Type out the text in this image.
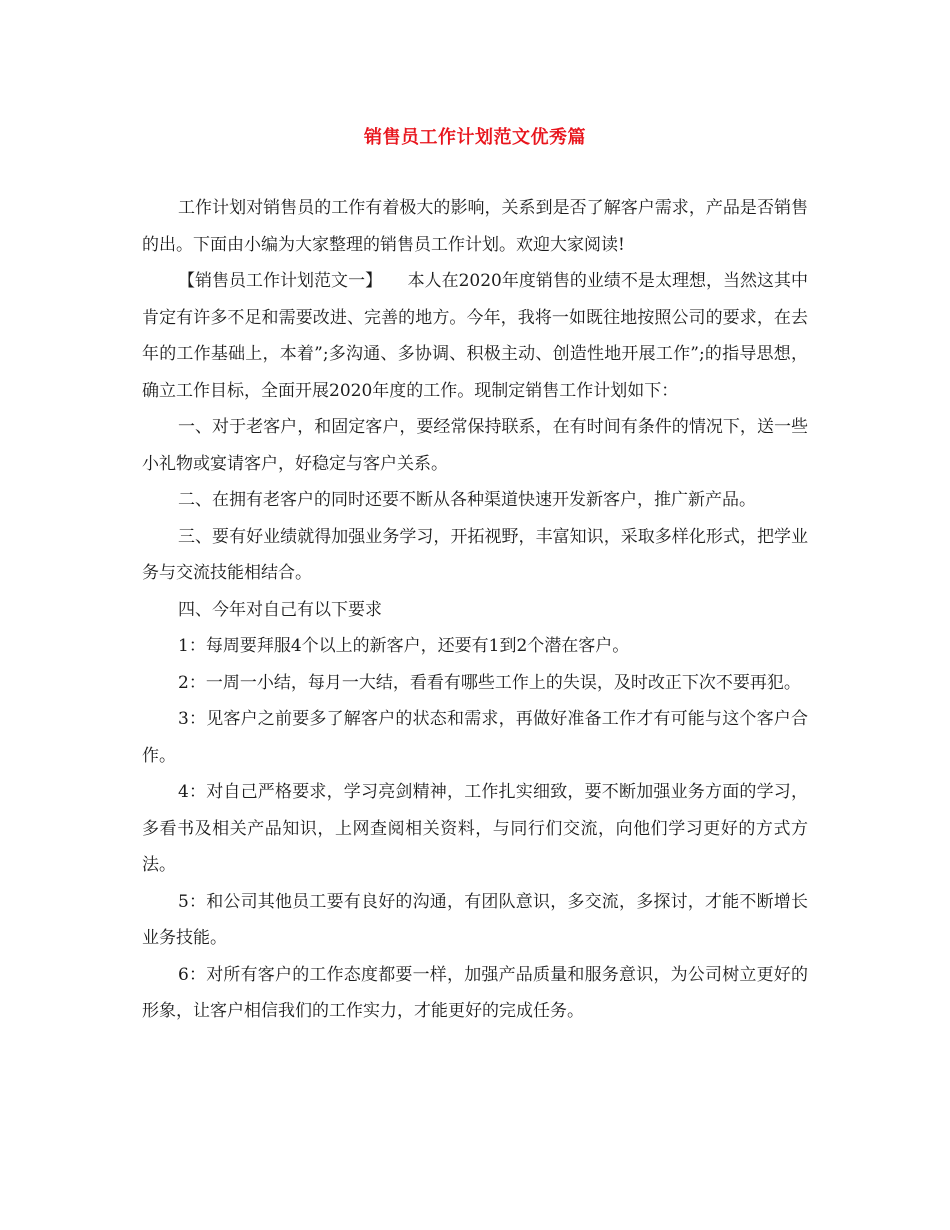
销售员工作计划范文优秀篇

工作计划对销售员的工作有着极大的影响，关系到是否了解客户需求，产品是否销售的出。下面由小编为大家整理的销售员工作计划。欢迎大家阅读!

【销售员工作计划范文一】　　本人在2020年度销售的业绩不是太理想，当然这其中肯定有许多不足和需要改进、完善的地方。今年，我将一如既往地按照公司的要求，在去年的工作基础上，本着”;多沟通、多协调、积极主动、创造性地开展工作”;的指导思想，确立工作目标，全面开展2020年度的工作。现制定销售工作计划如下：

一、对于老客户，和固定客户，要经常保持联系，在有时间有条件的情况下，送一些小礼物或宴请客户，好稳定与客户关系。

二、在拥有老客户的同时还要不断从各种渠道快速开发新客户，推广新产品。

三、要有好业绩就得加强业务学习，开拓视野，丰富知识，采取多样化形式，把学业务与交流技能相结合。

四、今年对自己有以下要求

1：每周要拜服4个以上的新客户，还要有1到2个潜在客户。

2：一周一小结，每月一大结，看看有哪些工作上的失误，及时改正下次不要再犯。

3：见客户之前要多了解客户的状态和需求，再做好准备工作才有可能与这个客户合作。

4：对自己严格要求，学习亮剑精神，工作扎实细致，要不断加强业务方面的学习，多看书及相关产品知识，上网查阅相关资料，与同行们交流，向他们学习更好的方式方法。

5：和公司其他员工要有良好的沟通，有团队意识，多交流，多探讨，才能不断增长业务技能。

6：对所有客户的工作态度都要一样，加强产品质量和服务意识，为公司树立更好的形象，让客户相信我们的工作实力，才能更好的完成任务。
